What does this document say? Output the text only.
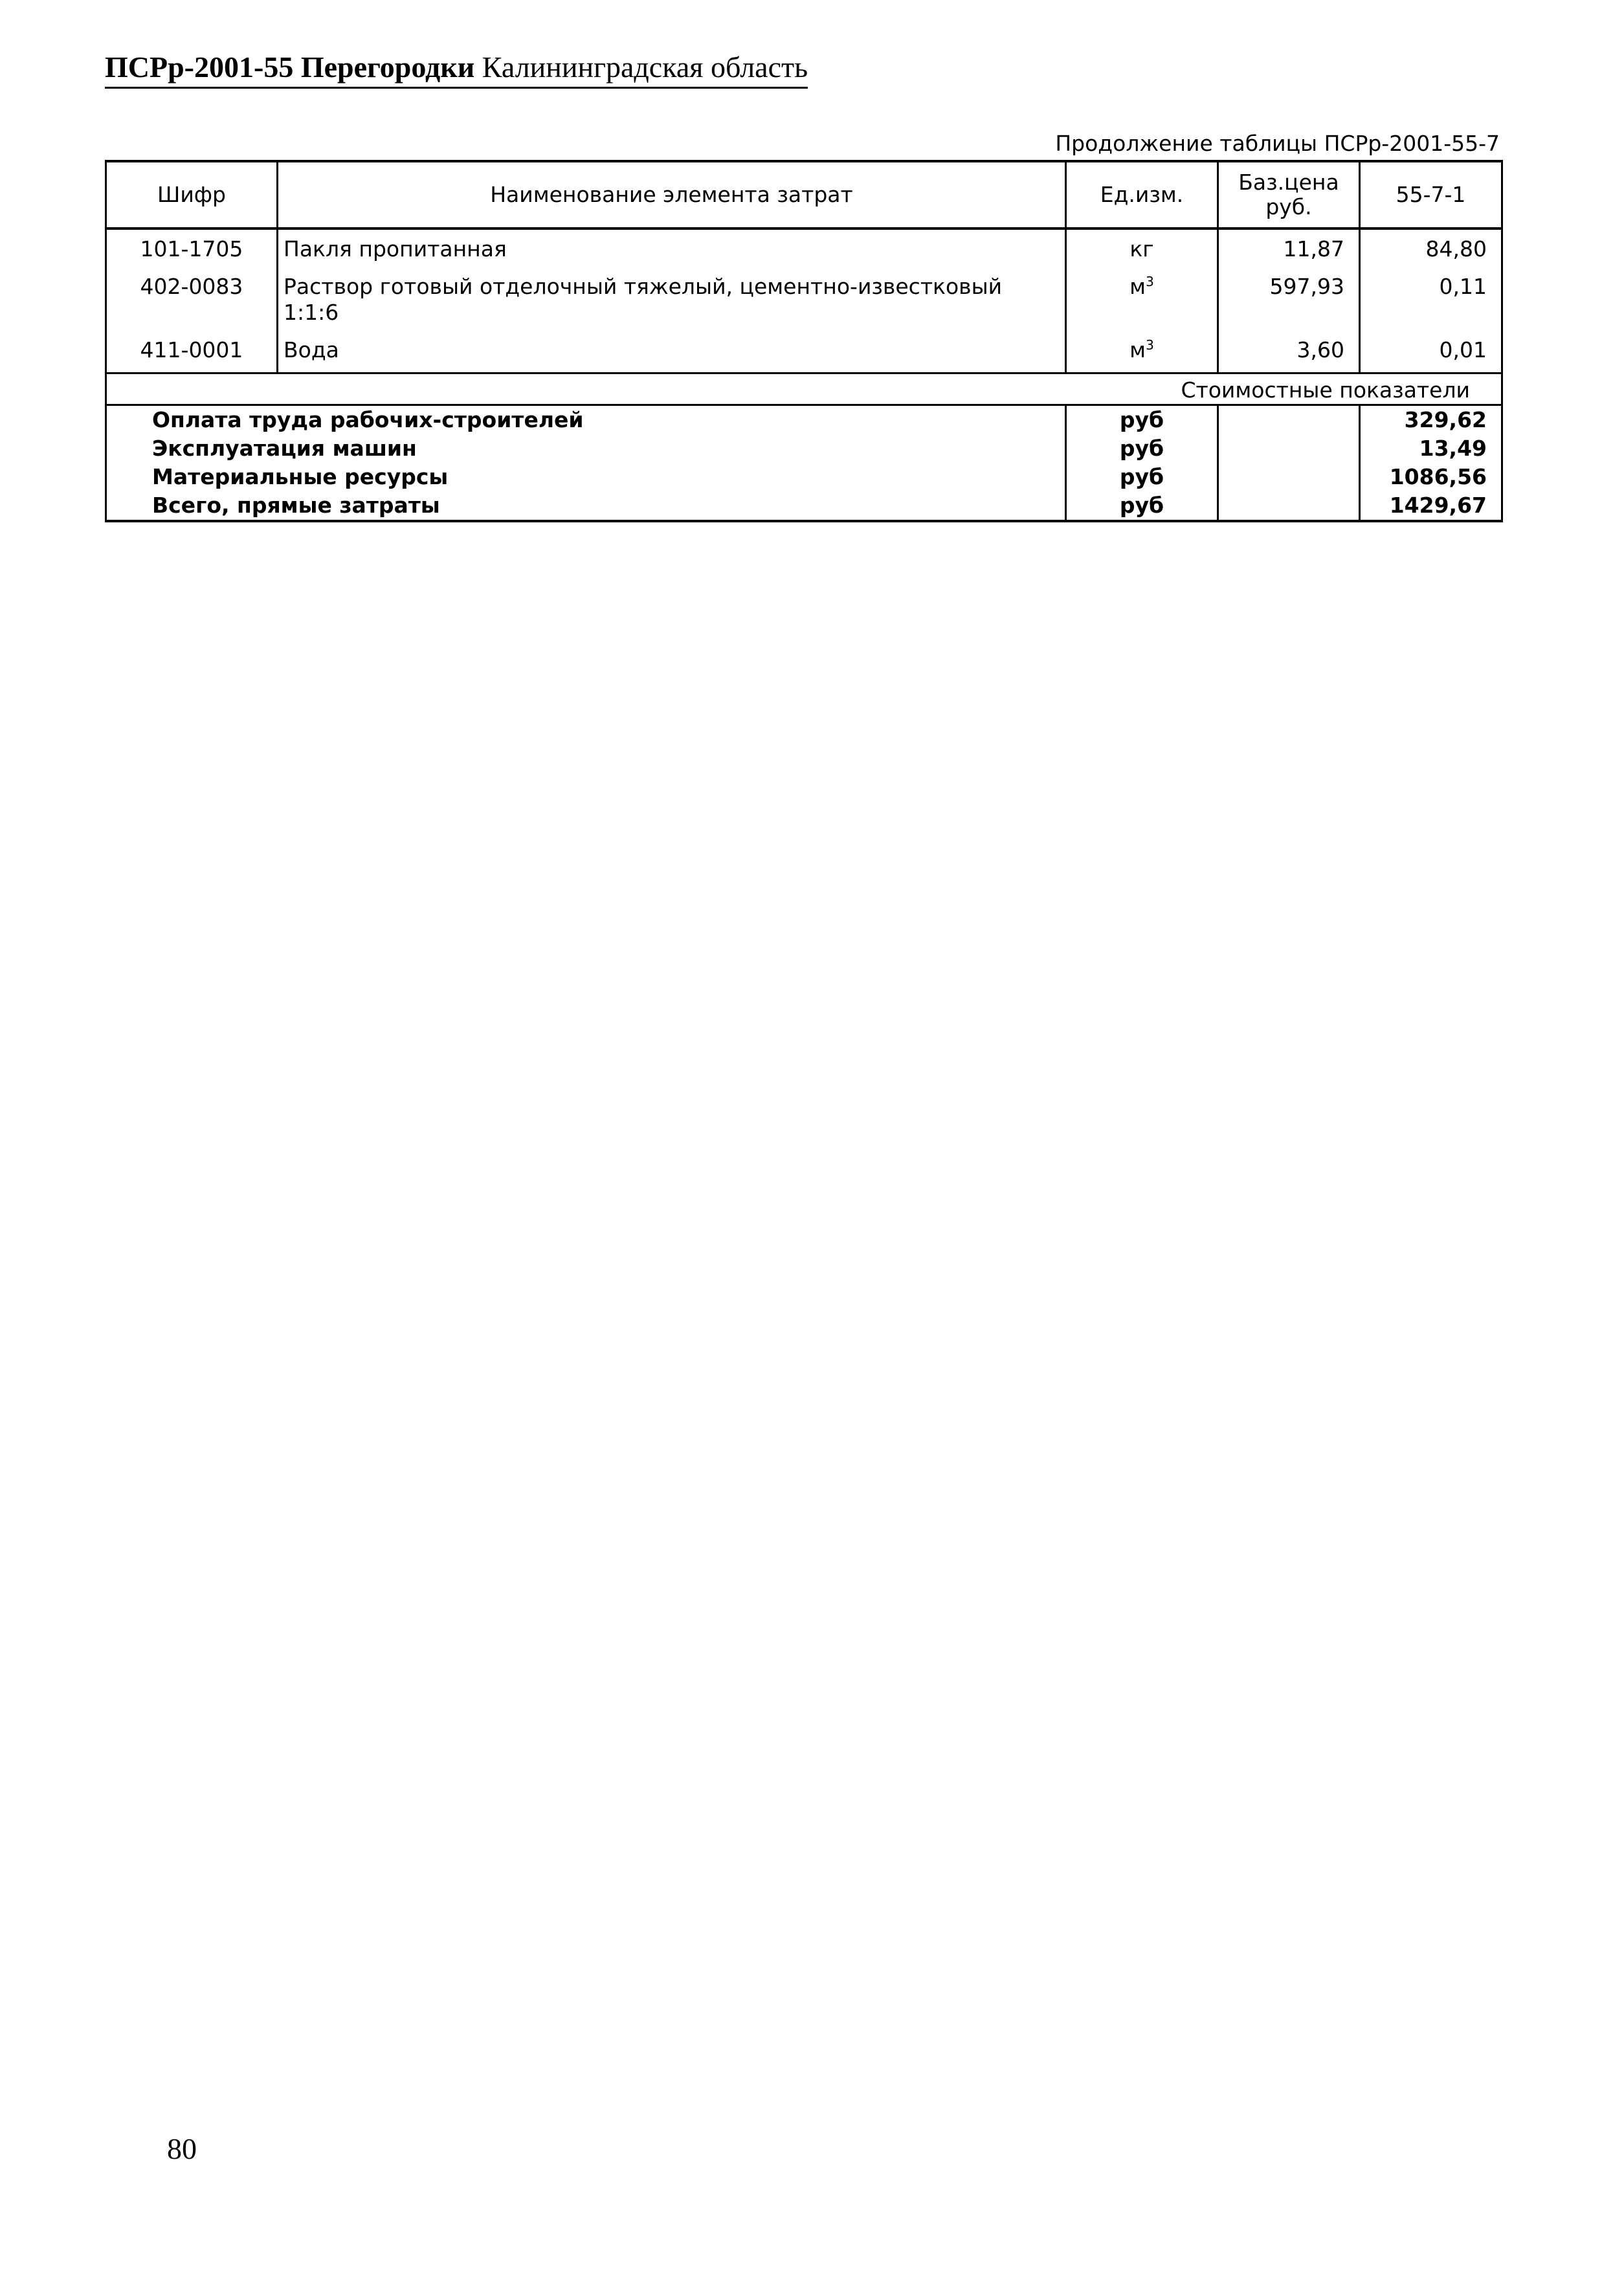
ПСРр-2001-55 Перегородки Калининградская область
Продолжение таблицы ПСРр-2001-55-7
Шифр	Наименование элемента затрат	Ед.изм.	Баз.цена руб.	55-7-1
101-1705	Пакля пропитанная	кг	11,87	84,80
402-0083	Раствор готовый отделочный тяжелый, цементно-известковый 1:1:6	$м^3$	597,93	0,11
411-0001	Вода	$м^3$	3,60	0,01
Стоимостные показатели				
Оплата труда рабочих-строителей		руб		329,62
Эксплуатация машин		руб		13,49
Материальные ресурсы		руб		1086,56
Всего, прямые затраты		руб		1429,67
80
